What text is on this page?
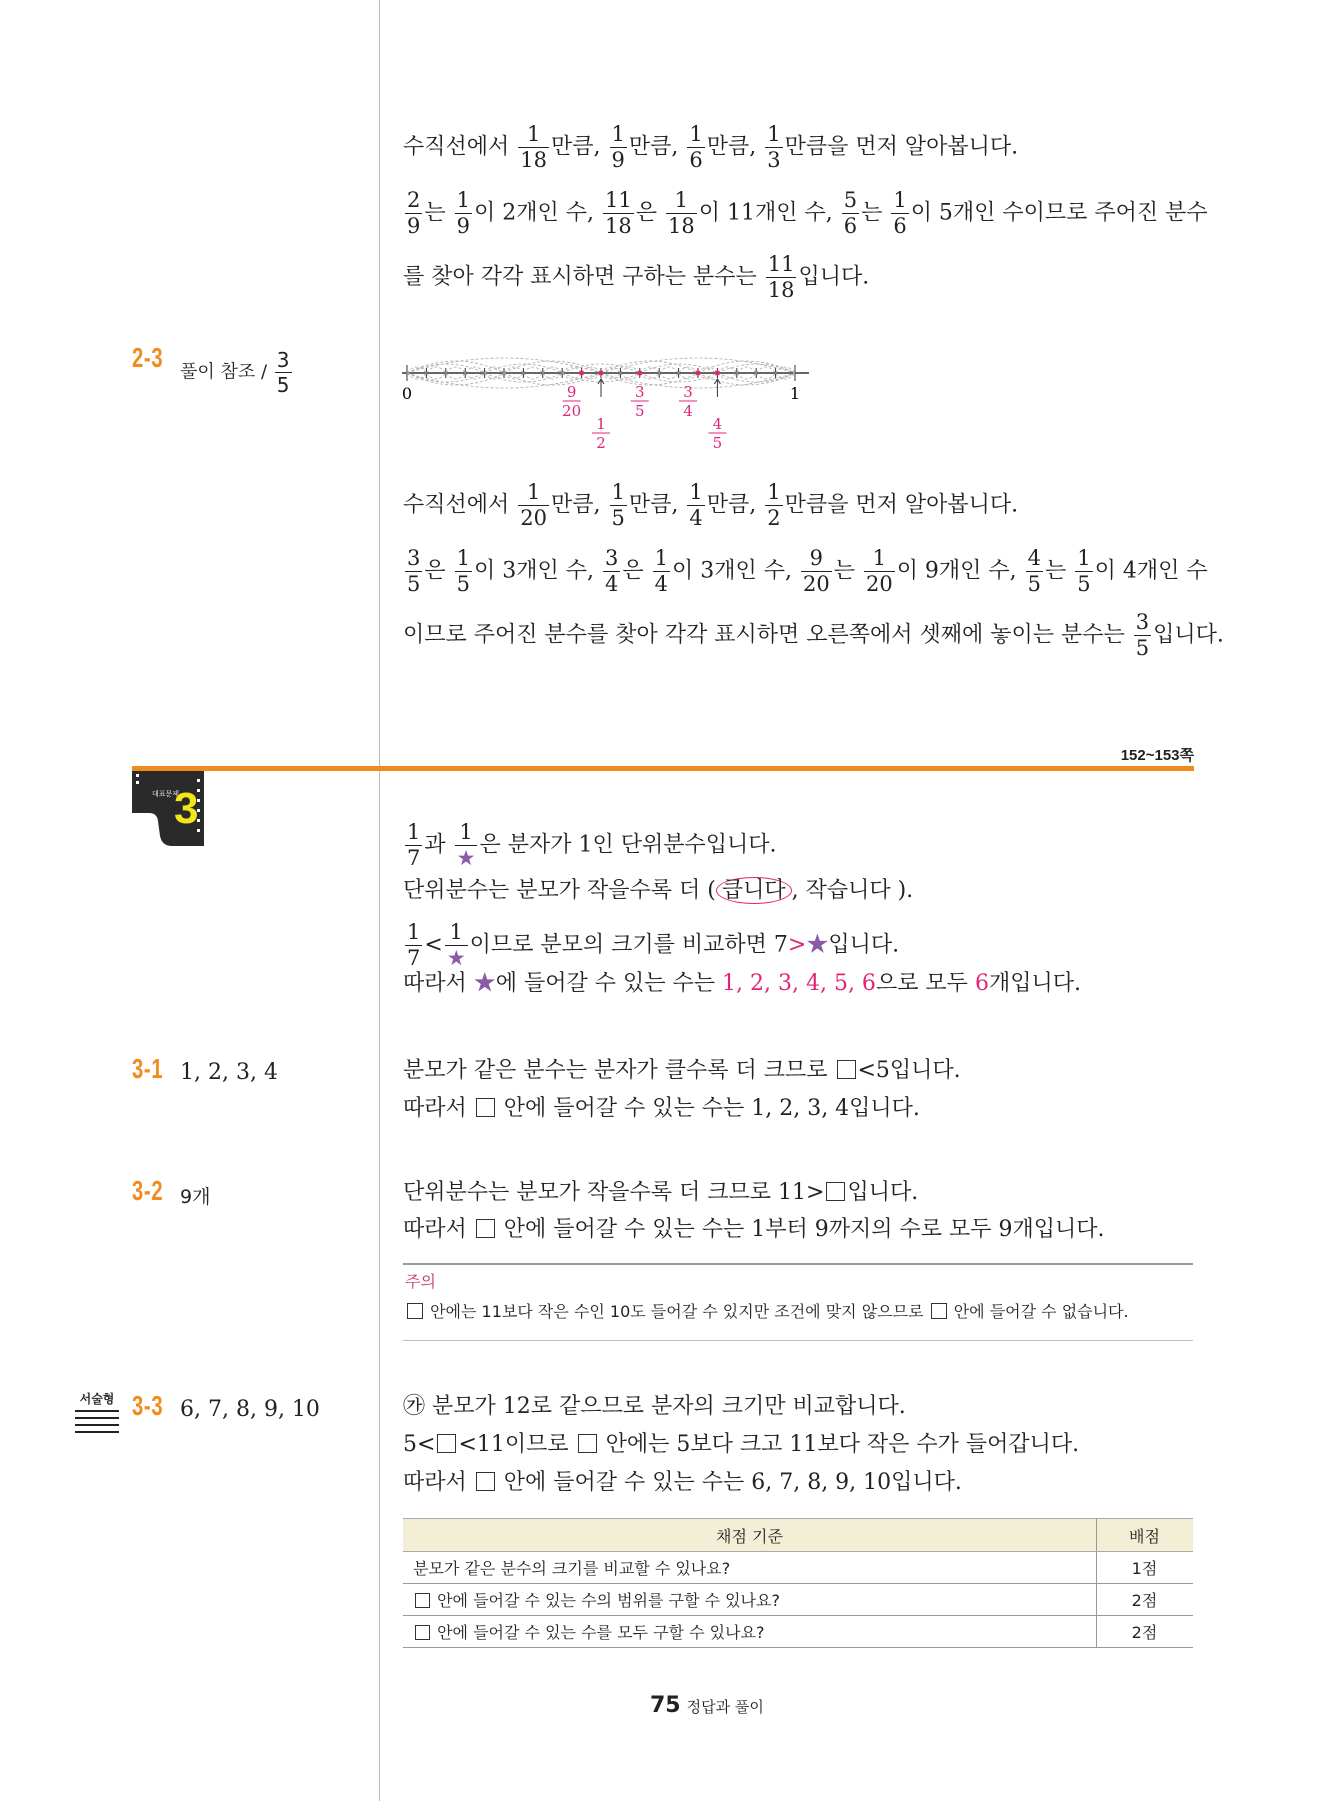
수직선에서 $\frac{1}{18}$ 만큼, $\frac{1}{9}$ 만큼, $\frac{1}{6}$ 만큼, $\frac{1}{3}$ 만큼을 먼저 알아봅니다.
$\frac{2}{9}$ 는 $\frac{1}{9}$ 이 2개인 수, $\frac{11}{18}$ 은 $\frac{1}{18}$ 이 11개인 수, $\frac{5}{6}$ 는 $\frac{1}{6}$ 이 5개인 수이므로 주어진 분수
를 찾아 각각 표시하면 구하는 분수는 $\frac{11}{18}$ 입니다.
2-3 풀이 참조 / $\frac{3}{5}$	0	1
9
20
1
2
3
5
3
4
4
5
수직선에서 $\frac{1}{20}$ 만큼, $\frac{1}{5}$ 만큼, $\frac{1}{4}$ 만큼, $\frac{1}{2}$ 만큼을 먼저 알아봅니다.
$\frac{3}{5}$ 은 $\frac{1}{5}$ 이 3개인 수, $\frac{3}{4}$ 은 $\frac{1}{4}$ 이 3개인 수, $\frac{9}{20}$ 는 $\frac{1}{20}$ 이 9개인 수, $\frac{4}{5}$ 는 $\frac{1}{5}$ 이 4개인 수
이므로 주어진 분수를 찾아 각각 표시하면 오른쪽에서 셋째에 놓이는 분수는 $\frac{3}{5}$ 입니다.
152~153쪽
대표문제
3
$\frac{1}{7}$ 과
1
★
은 분자가 1인 단위분수입니다.
단위분수는 분모가 작을수록 더 ( 큽니다 , 작습니다 ).
$\frac{1}{7}$ <
1
★
이므로 분모의 크기를 비교하면 7>★입니다.
따라서 ★에 들어갈 수 있는 수는 1, 2, 3, 4, 5, 6으로 모두 6개입니다.
3-1 1, 2, 3, 4	분모가 같은 분수는 분자가 클수록 더 크므로 <5입니다.
따라서  안에 들어갈 수 있는 수는 1, 2, 3, 4입니다.
3-2 9개	단위분수는 분모가 작을수록 더 크므로 11> 입니다.
따라서  안에 들어갈 수 있는 수는 1부터 9까지의 수로 모두 9개입니다.
주의
안에는 11보다 작은 수인 10도 들어갈 수 있지만 조건에 맞지 않으므로  안에 들어갈 수 없습니다.
서술형 3-3 6, 7, 8, 9, 10	㉮ 분모가 12로 같으므로 분자의 크기만 비교합니다.
5< <11이므로  안에는 5보다 크고 11보다 작은 수가 들어갑니다.
따라서  안에 들어갈 수 있는 수는 6, 7, 8, 9, 10입니다.
채점 기준	배점
분모가 같은 분수의 크기를 비교할 수 있나요?	1점
안에 들어갈 수 있는 수의 범위를 구할 수 있나요?	2점
안에 들어갈 수 있는 수를 모두 구할 수 있나요?	2점
75 정답과 풀이
